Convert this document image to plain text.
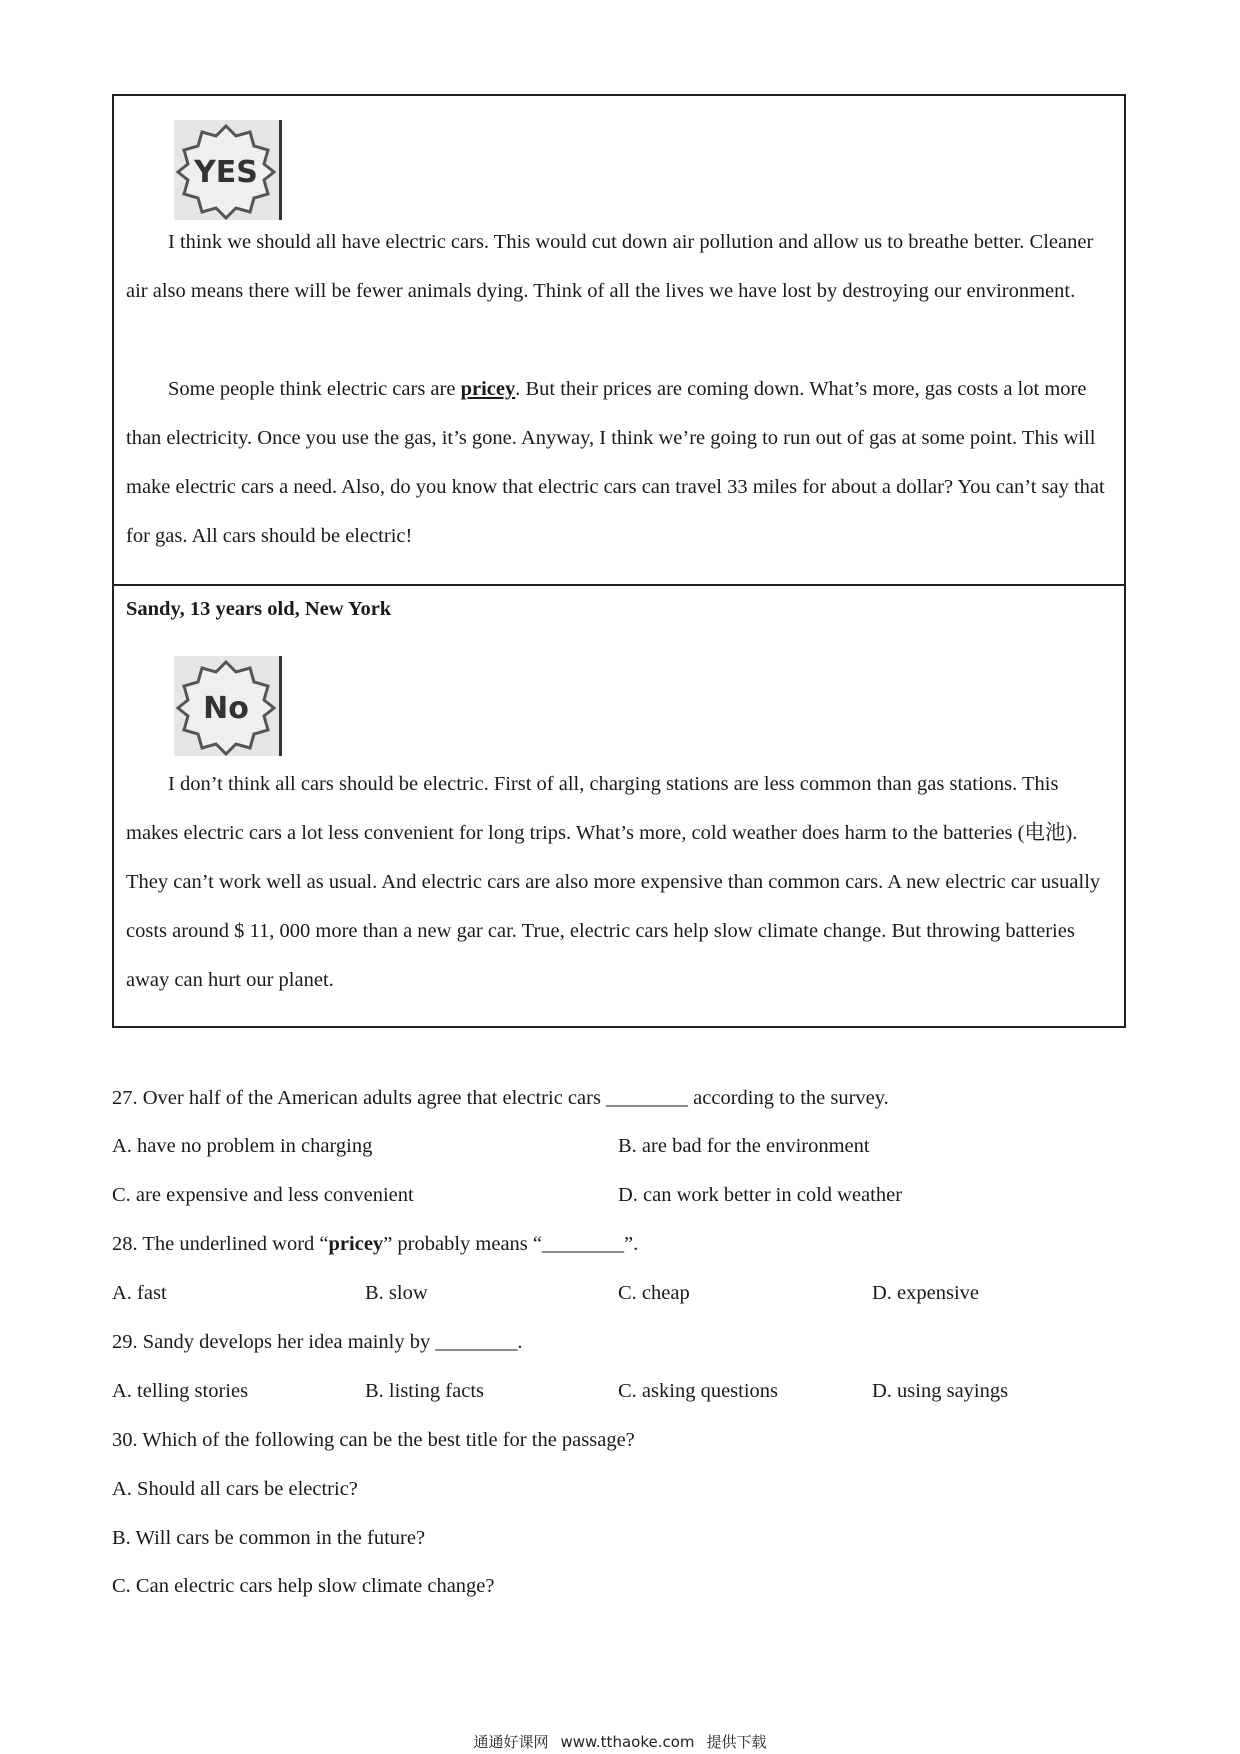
YES

I think we should all have electric cars. This would cut down air pollution and allow us to breathe better. Cleaner air also means there will be fewer animals dying. Think of all the lives we have lost by destroying our environment.

Some people think electric cars are pricey. But their prices are coming down. What’s more, gas costs a lot more than electricity. Once you use the gas, it’s gone. Anyway, I think we’re going to run out of gas at some point. This will make electric cars a need. Also, do you know that electric cars can travel 33 miles for about a dollar? You can’t say that for gas. All cars should be electric!

Sandy, 13 years old, New York

No

I don’t think all cars should be electric. First of all, charging stations are less common than gas stations. This makes electric cars a lot less convenient for long trips. What’s more, cold weather does harm to the batteries (电池). They can’t work well as usual. And electric cars are also more expensive than common cars. A new electric car usually costs around $ 11, 000 more than a new gar car. True, electric cars help slow climate change. But throwing batteries away can hurt our planet.

27. Over half of the American adults agree that electric cars ________ according to the survey.

A. have no problem in charging	B. are bad for the environment

C. are expensive and less convenient	D. can work better in cold weather

28. The underlined word “pricey” probably means “________”.

A. fast	B. slow	C. cheap	D. expensive

29. Sandy develops her idea mainly by ________.

A. telling stories	B. listing facts	C. asking questions	D. using sayings

30. Which of the following can be the best title for the passage?

A. Should all cars be electric?

B. Will cars be common in the future?

C. Can electric cars help slow climate change?

通通好课网 www.tthaoke.com 提供下载
